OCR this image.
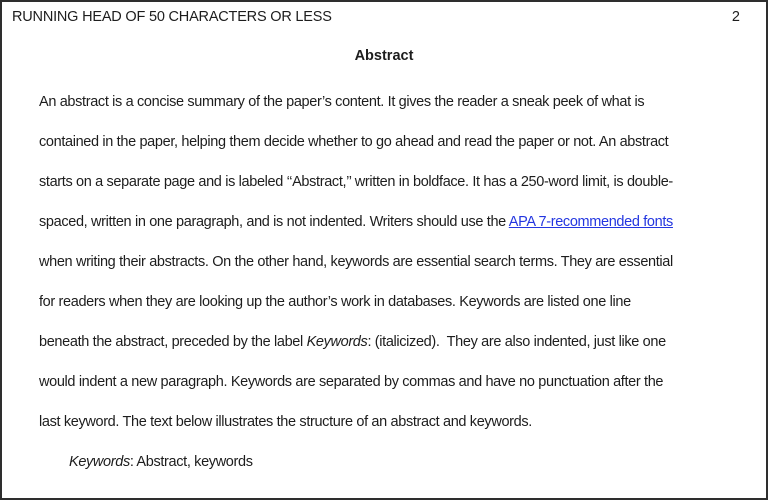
RUNNING HEAD OF 50 CHARACTERS OR LESS	2
Abstract
An abstract is a concise summary of the paper’s content. It gives the reader a sneak peek of what is
contained in the paper, helping them decide whether to go ahead and read the paper or not. An abstract
starts on a separate page and is labeled ‘‘Abstract,’’ written in boldface. It has a 250-word limit, is double-
spaced, written in one paragraph, and is not indented. Writers should use the APA 7-recommended fonts
when writing their abstracts. On the other hand, keywords are essential search terms. They are essential
for readers when they are looking up the author’s work in databases. Keywords are listed one line
beneath the abstract, preceded by the label Keywords: (italicized).  They are also indented, just like one
would indent a new paragraph. Keywords are separated by commas and have no punctuation after the
last keyword. The text below illustrates the structure of an abstract and keywords.
Keywords: Abstract, keywords
